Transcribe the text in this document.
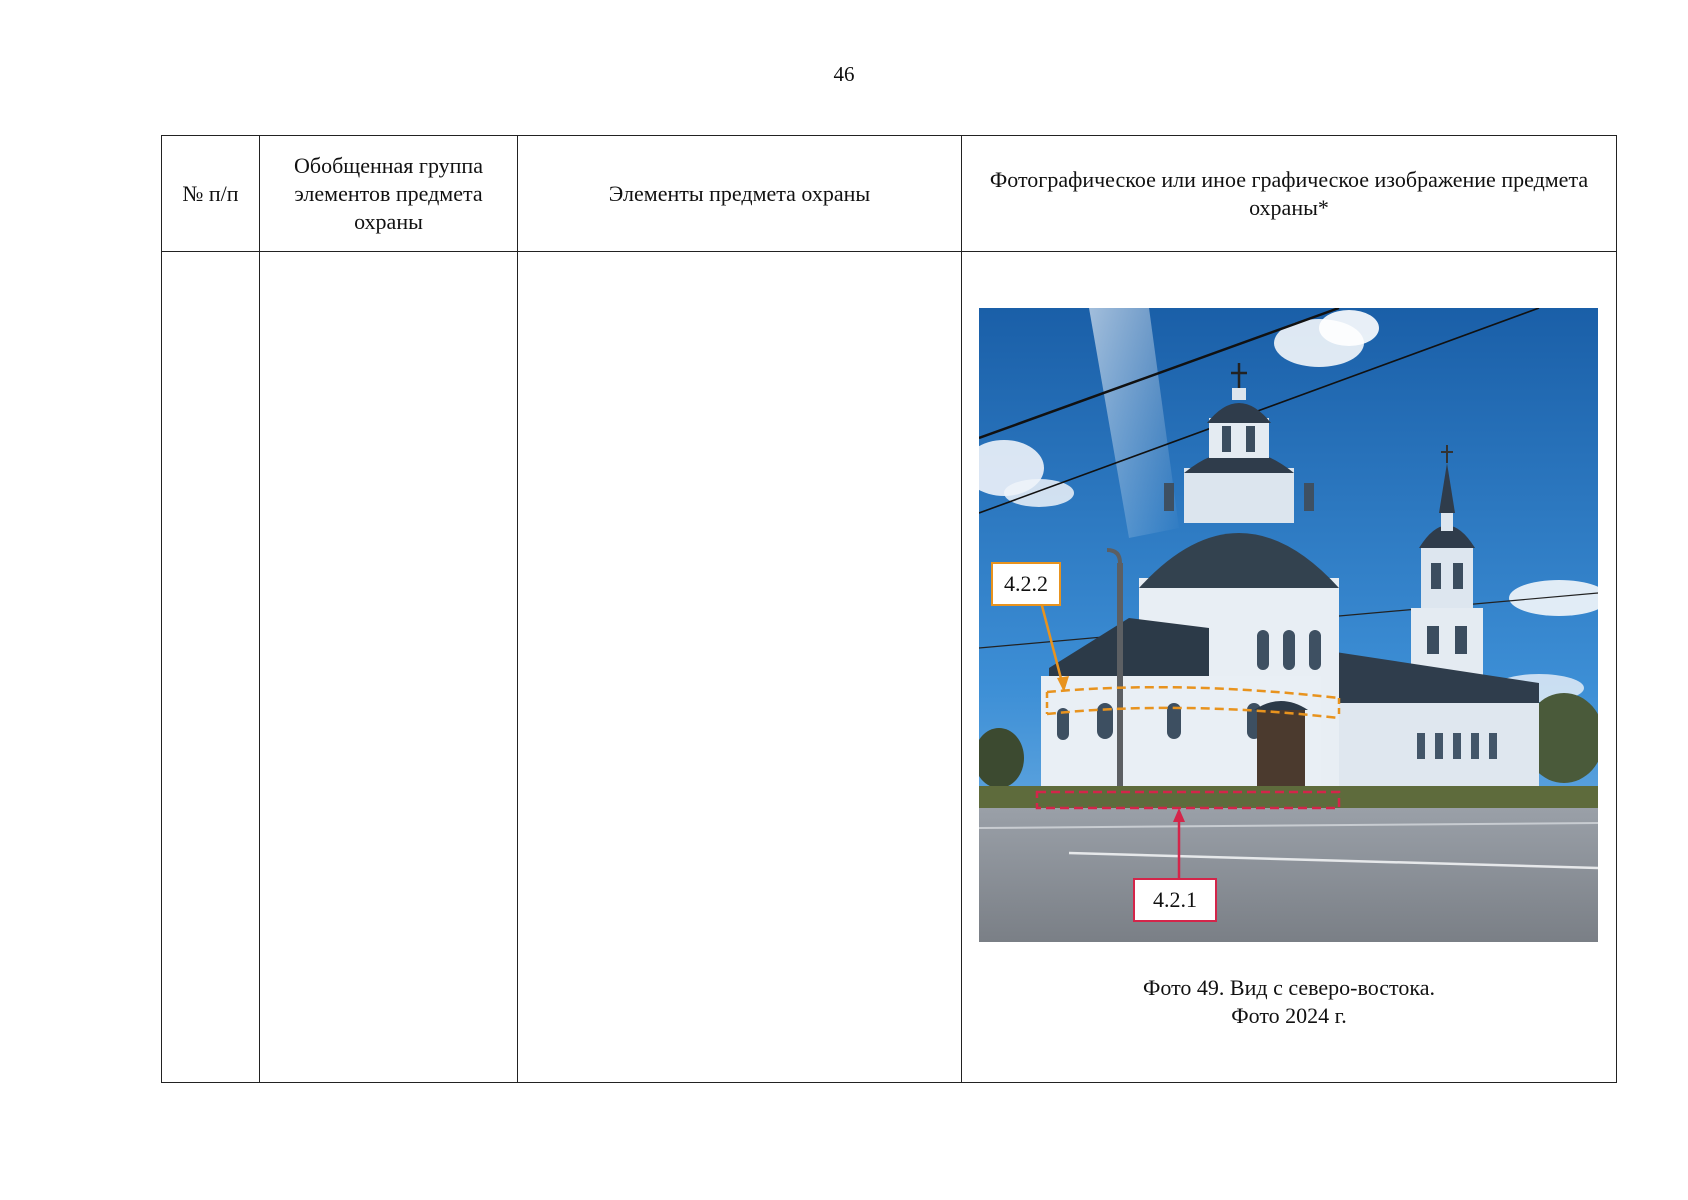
46
№ п/п	Обобщенная группа элементов предмета охраны	Элементы предмета охраны	Фотографическое или иное графическое изображение предмета охраны*

			4.2.2
4.2.1
Фото 49. Вид с северо-востока.
Фото 2024 г.
